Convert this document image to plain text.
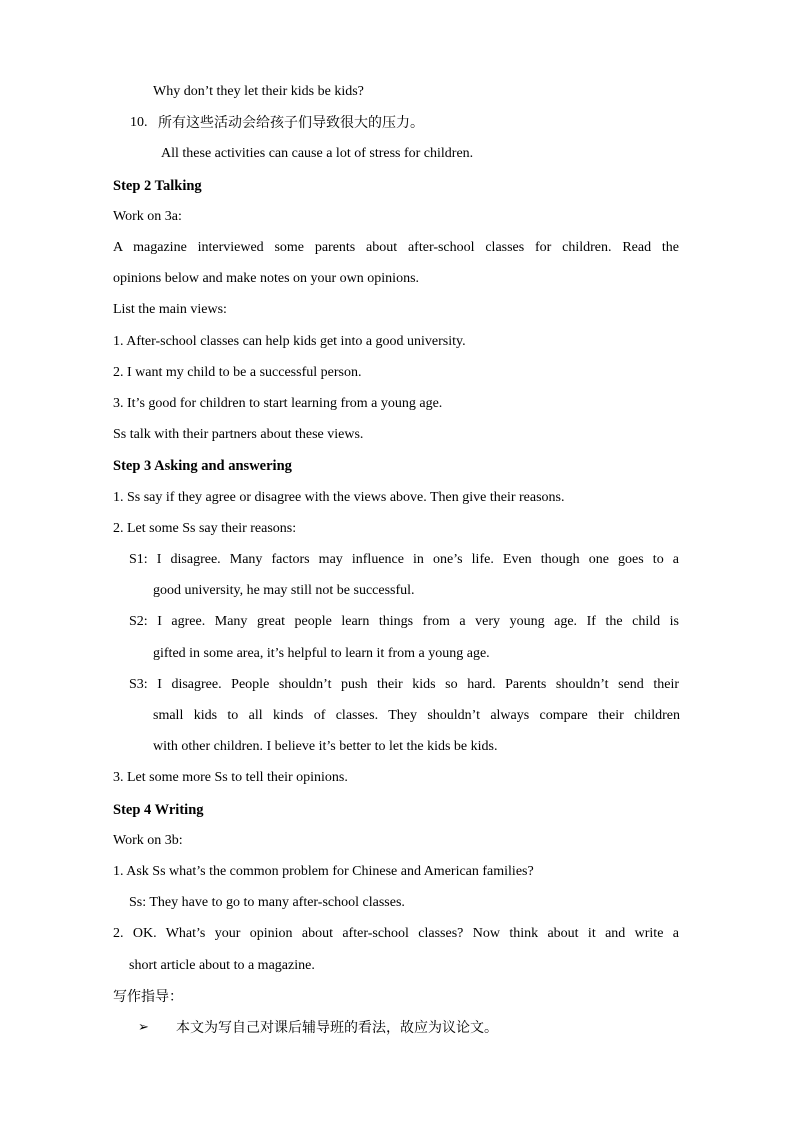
Why don’t they let their kids be kids?
10. 所有这些活动会给孩子们导致很大的压力。
All these activities can cause a lot of stress for children.
Step 2 Talking
Work on 3a:
A magazine interviewed some parents about after-school classes for children. Read the
opinions below and make notes on your own opinions.
List the main views:
1. After-school classes can help kids get into a good university.
2. I want my child to be a successful person.
3. It’s good for children to start learning from a young age.
Ss talk with their partners about these views.
Step 3 Asking and answering
1. Ss say if they agree or disagree with the views above. Then give their reasons.
2. Let some Ss say their reasons:
S1: I disagree. Many factors may influence in one’s life. Even though one goes to a
good university, he may still not be successful.
S2: I agree. Many great people learn things from a very young age. If the child is
gifted in some area, it’s helpful to learn it from a young age.
S3: I disagree. People shouldn’t push their kids so hard. Parents shouldn’t send their
small kids to all kinds of classes. They shouldn’t always compare their children
with other children. I believe it’s better to let the kids be kids.
3. Let some more Ss to tell their opinions.
Step 4 Writing
Work on 3b:
1. Ask Ss what’s the common problem for Chinese and American families?
Ss: They have to go to many after-school classes.
2. OK. What’s your opinion about after-school classes? Now think about it and write a
short article about to a magazine.
写作指导：
➢ 本文为写自己对课后辅导班的看法，故应为议论文。
